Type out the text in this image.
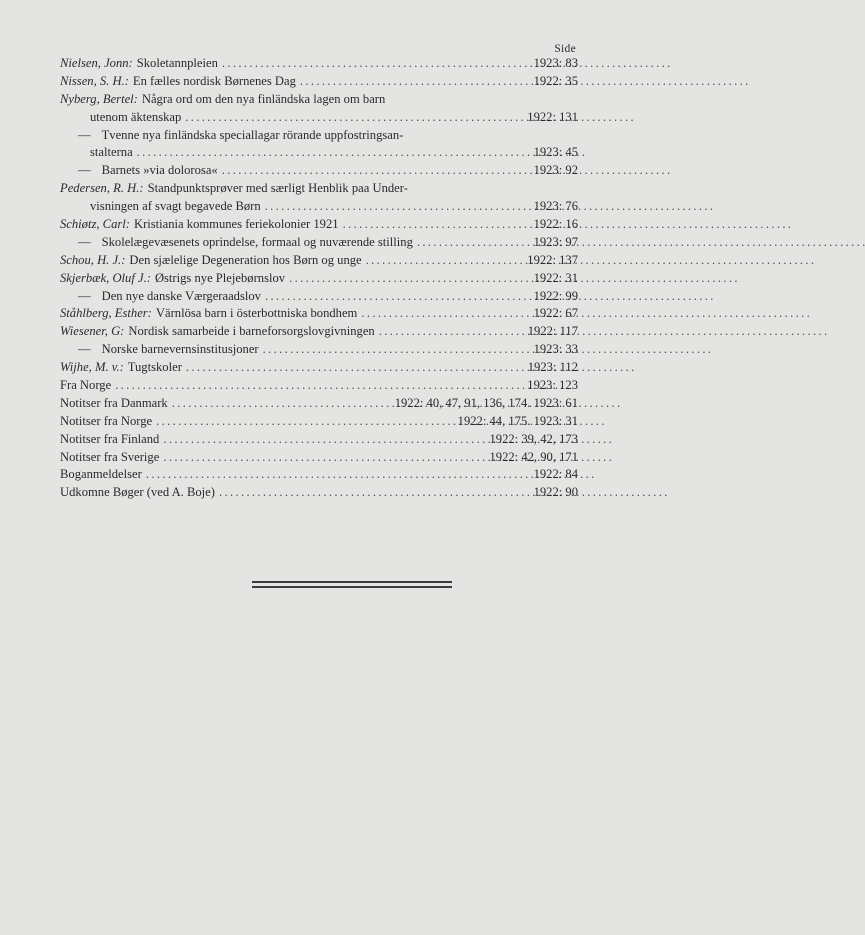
Side
Nielsen, Jonn: Skoletannpleien . . .	1923: 83
Nissen, S. H.: En fælles nordisk Børnenes Dag . . .	1922: 35
Nyberg, Bertel: Några ord om den nya finländska lagen om barn
utenom äktenskap . . .	1922: 131
— Tvenne nya finländska speciallagar rörande uppfostringsan-
stalterna . . .	1923: 45
— Barnets »via dolorosa« . . .	1923: 92
Pedersen, R. H.: Standpunktsprøver med særligt Henblik paa Under-
visningen af svagt begavede Børn . . .	1923: 76
Schiøtz, Carl: Kristiania kommunes feriekolonier 1921 . . .	1922: 16
— Skolelægevæsenets oprindelse, formaal og nuværende stilling . . .	1923: 97
Schou, H. J.: Den sjælelige Degeneration hos Børn og unge . . .	1922: 137
Skjerbæk, Oluf J.: Østrigs nye Plejebørnslov . . .	1922: 31
— Den nye danske Værgeraadslov . . .	1922: 99
Ståhlberg, Esther: Värnlösa barn i österbottniska bondhem . . .	1922: 67
Wiesener, G: Nordisk samarbeide i barneforsorgslovgivningen . . .	1922: 117
— Norske barnevernsinstitusjoner . . .	1923: 33
Wijhe, M. v.: Tugtskoler . . .	1923: 112
Fra Norge . . .	1923: 123
Notitser fra Danmark . . .	1922: 40, 47, 91, 136, 174. 1923: 61
Notitser fra Norge . . .	1922: 44, 175. 1923: 31
Notitser fra Finland . . .	1922: 39, 42, 173
Notitser fra Sverige . . .	1922: 42, 90, 171
Boganmeldelser . . .	1922: 84
Udkomne Bøger (ved A. Boje) . . .	1922: 90
